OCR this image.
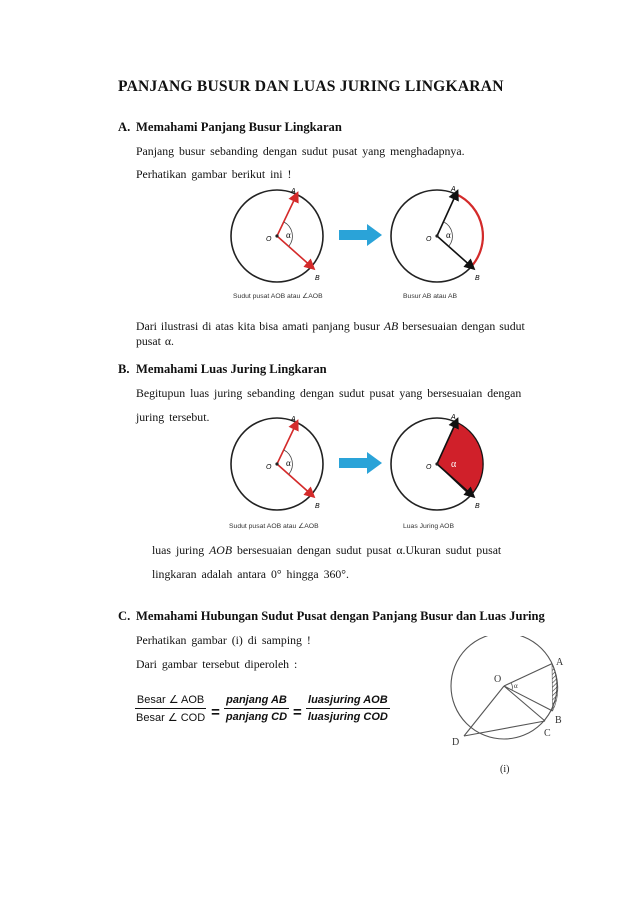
PANJANG BUSUR DAN LUAS JURING LINGKARAN
A. Memahami Panjang Busur Lingkaran
Panjang busur sebanding dengan sudut pusat yang menghadapnya.
Perhatikan gambar berikut ini !
A
B
O α
A
B
O α
Sudut pusat AOB atau ∠AOB	Busur AB atau AB
Dari ilustrasi di atas kita bisa amati panjang busur AB bersesuaian dengan sudut pusat α.
B. Memahami Luas Juring Lingkaran
Begitupun luas juring sebanding dengan sudut pusat yang bersesuaian dengan
juring tersebut.	A
B
O α
A
B
O α
Sudut pusat AOB atau ∠AOB	Luas Juring AOB
luas juring AOB bersesuaian dengan sudut pusat α.Ukuran sudut pusat
lingkaran adalah antara 0° hingga 360°.
C. Memahami Hubungan Sudut Pusat dengan Panjang Busur dan Luas Juring
Perhatikan gambar (i) di samping !
Dari gambar tersebut diperoleh :
$\frac{\text{Besar ∠ AOB}}{\text{Besar ∠ COD}} = \frac{\text{panjang AB}}{\text{panjang CD}} = \frac{\text{luasjuring AOB}}{\text{luasjuring COD}}$
O
α
A
B
C
D
(i)
